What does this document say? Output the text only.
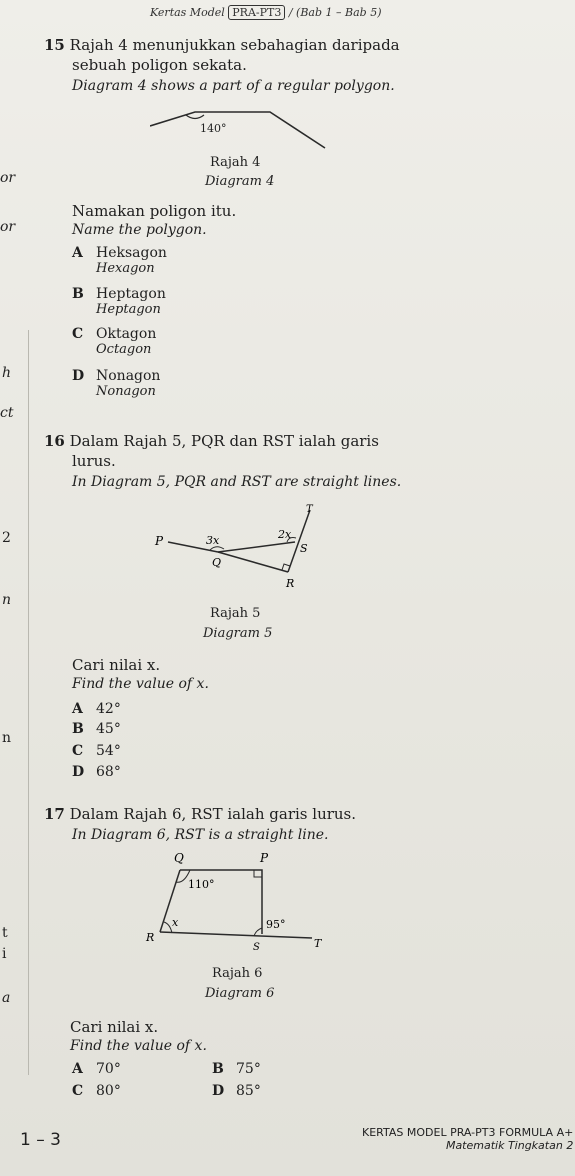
Kertas Model PRA-PT3 / (Bab 1 – Bab 5)
or
or
h
ct
2
n
n
t
i
a
15 Rajah 4 menunjukkan sebahagian daripada
sebuah poligon sekata.
Diagram 4 shows a part of a regular polygon.
140°
Rajah 4
Diagram 4
Namakan poligon itu.
Name the polygon.
A Heksagon
Hexagon
B Heptagon
Heptagon
C Oktagon
Octagon
D Nonagon
Nonagon
16 Dalam Rajah 5, PQR dan RST ialah garis
lurus.
In Diagram 5, PQR and RST are straight lines.
P
Q
R
S
T
3x	2x
Rajah 5
Diagram 5
Cari nilai x.
Find the value of x.
A 42°
B 45°
C 54°
D 68°
17 Dalam Rajah 6, RST ialah garis lurus.
In Diagram 6, RST is a straight line.
Q	P
R
S	T
110°
x	95°
Rajah 6
Diagram 6
Cari nilai x.
Find the value of x.
A 70°	B 75°
C 80°	D 85°
1 – 3	KERTAS MODEL PRA-PT3 FORMULA A+
Matematik Tingkatan 2
